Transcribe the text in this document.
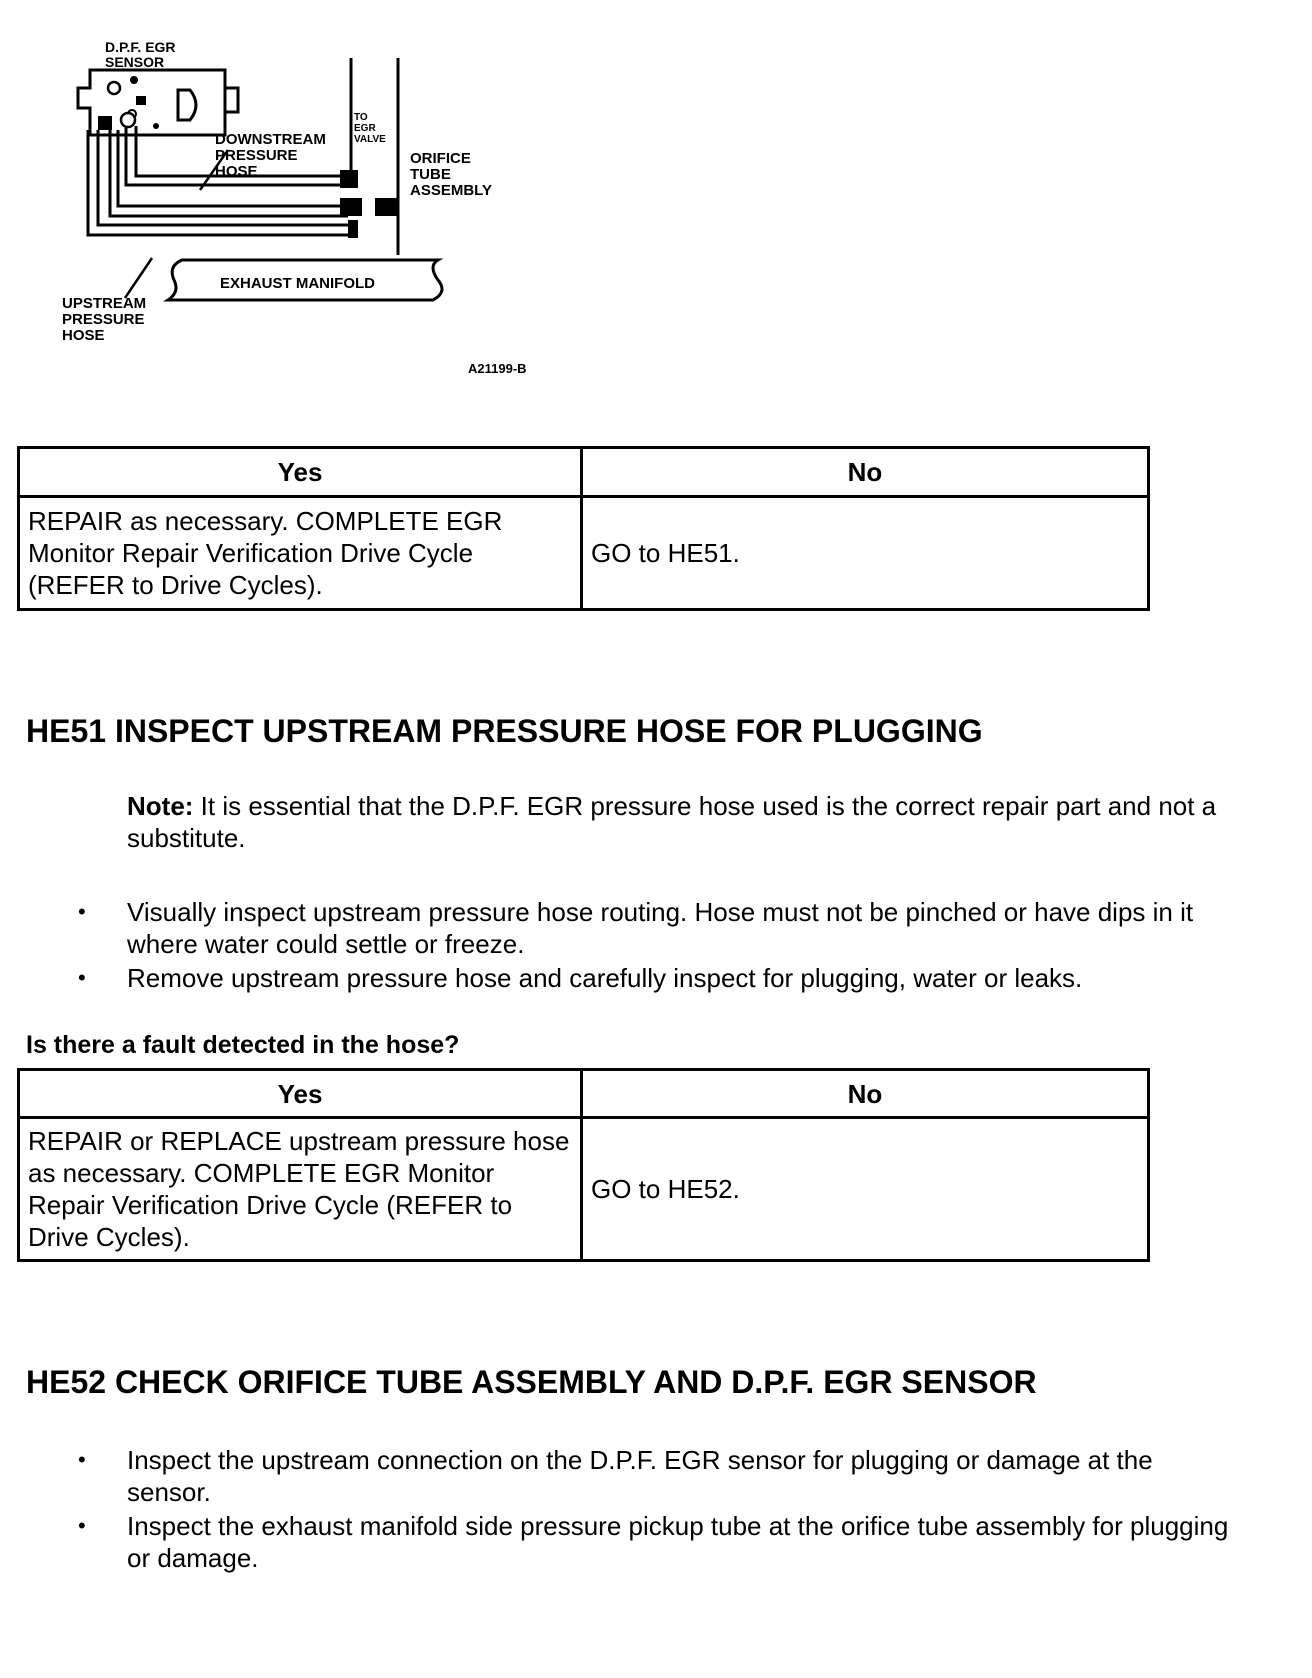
D.P.F. EGR
SENSOR
DOWNSTREAM
PRESSURE
HOSE
TO
EGR
VALVE
ORIFICE
TUBE
ASSEMBLY
EXHAUST MANIFOLD
UPSTREAM
PRESSURE
HOSE
A21199-B
Yes	No
REPAIR as necessary. COMPLETE EGR Monitor Repair Verification Drive Cycle (REFER to Drive Cycles).	GO to HE51.
HE51 INSPECT UPSTREAM PRESSURE HOSE FOR PLUGGING
Note: It is essential that the D.P.F. EGR pressure hose used is the correct repair part and not a substitute.
• Visually inspect upstream pressure hose routing. Hose must not be pinched or have dips in it where water could settle or freeze.
• Remove upstream pressure hose and carefully inspect for plugging, water or leaks.
Is there a fault detected in the hose?
Yes	No
REPAIR or REPLACE upstream pressure hose as necessary. COMPLETE EGR Monitor Repair Verification Drive Cycle (REFER to Drive Cycles).	GO to HE52.
HE52 CHECK ORIFICE TUBE ASSEMBLY AND D.P.F. EGR SENSOR
• Inspect the upstream connection on the D.P.F. EGR sensor for plugging or damage at the sensor.
• Inspect the exhaust manifold side pressure pickup tube at the orifice tube assembly for plugging or damage.
